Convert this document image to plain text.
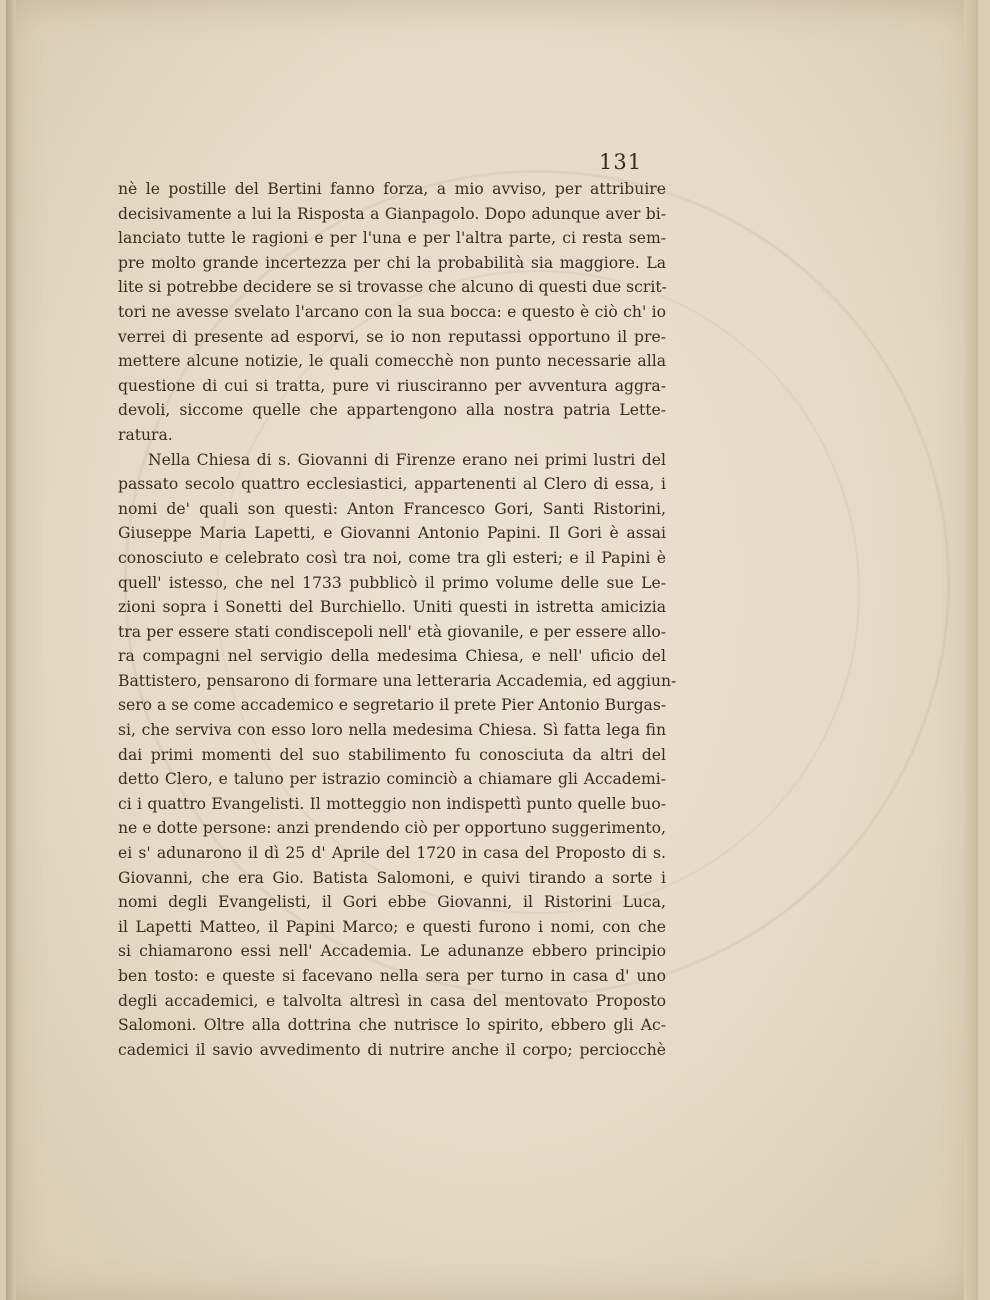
131

nè le postille del Bertini fanno forza, a mio avviso, per attribuire
decisivamente a lui la Risposta a Gianpagolo. Dopo adunque aver bi-
lanciato tutte le ragioni e per l'una e per l'altra parte, ci resta sem-
pre molto grande incertezza per chi la probabilità sia maggiore. La
lite si potrebbe decidere se si trovasse che alcuno di questi due scrit-
tori ne avesse svelato l'arcano con la sua bocca: e questo è ciò ch' io
verrei di presente ad esporvi, se io non reputassi opportuno il pre-
mettere alcune notizie, le quali comecchè non punto necessarie alla
questione di cui si tratta, pure vi riusciranno per avventura aggra-
devoli, siccome quelle che appartengono alla nostra patria Lette-
ratura.

Nella Chiesa di s. Giovanni di Firenze erano nei primi lustri del
passato secolo quattro ecclesiastici, appartenenti al Clero di essa, i
nomi de' quali son questi: Anton Francesco Gori, Santi Ristorini,
Giuseppe Maria Lapetti, e Giovanni Antonio Papini. Il Gori è assai
conosciuto e celebrato così tra noi, come tra gli esteri; e il Papini è
quell' istesso, che nel 1733 pubblicò il primo volume delle sue Le-
zioni sopra i Sonetti del Burchiello. Uniti questi in istretta amicizia
tra per essere stati condiscepoli nell' età giovanile, e per essere allo-
ra compagni nel servigio della medesima Chiesa, e nell' uficio del
Battistero, pensarono di formare una letteraria Accademia, ed aggiun-
sero a se come accademico e segretario il prete Pier Antonio Burgas-
si, che serviva con esso loro nella medesima Chiesa. Sì fatta lega fin
dai primi momenti del suo stabilimento fu conosciuta da altri del
detto Clero, e taluno per istrazio cominciò a chiamare gli Accademi-
ci i quattro Evangelisti. Il motteggio non indispettì punto quelle buo-
ne e dotte persone: anzi prendendo ciò per opportuno suggerimento,
ei s' adunarono il dì 25 d' Aprile del 1720 in casa del Proposto di s.
Giovanni, che era Gio. Batista Salomoni, e quivi tirando a sorte i
nomi degli Evangelisti, il Gori ebbe Giovanni, il Ristorini Luca,
il Lapetti Matteo, il Papini Marco; e questi furono i nomi, con che
si chiamarono essi nell' Accademia. Le adunanze ebbero principio
ben tosto: e queste si facevano nella sera per turno in casa d' uno
degli accademici, e talvolta altresì in casa del mentovato Proposto
Salomoni. Oltre alla dottrina che nutrisce lo spirito, ebbero gli Ac-
cademici il savio avvedimento di nutrire anche il corpo; perciocchè
